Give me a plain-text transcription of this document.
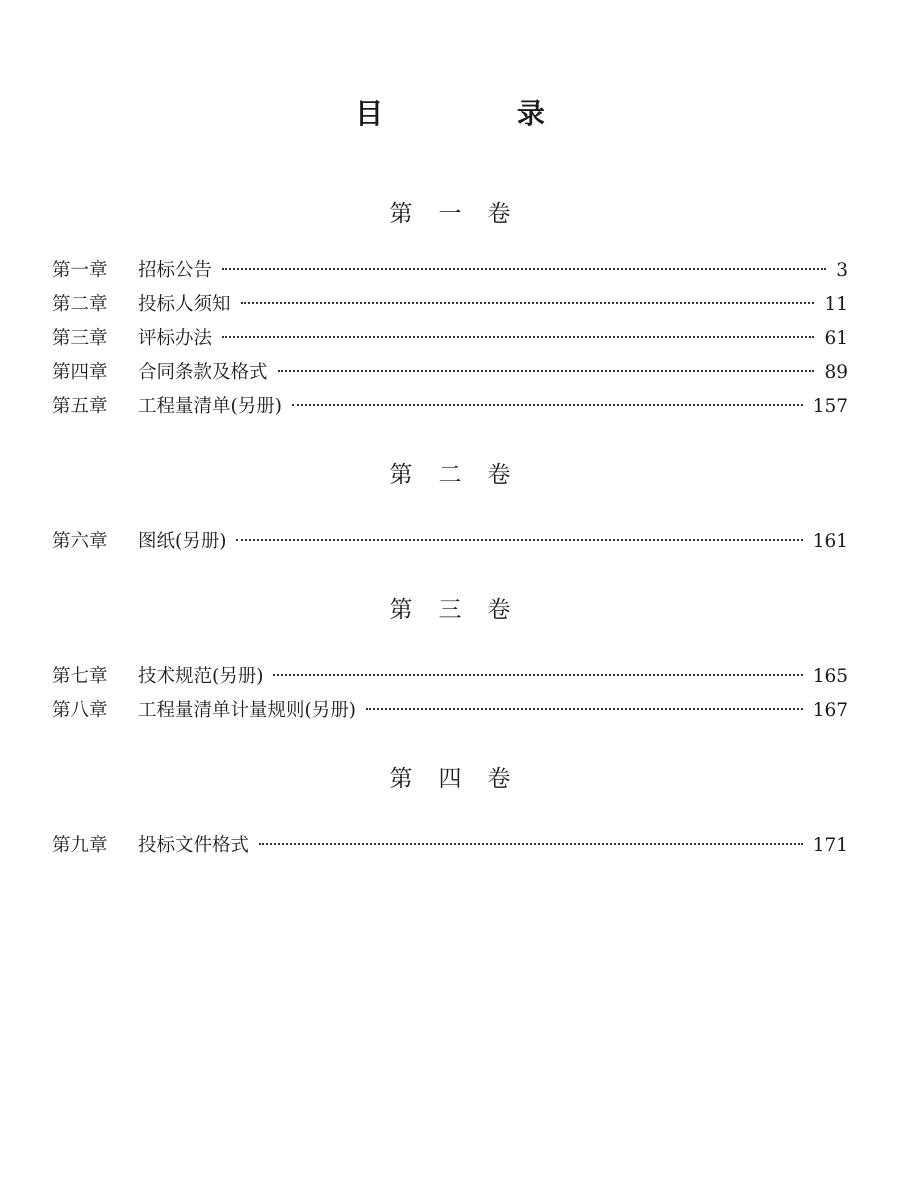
目 录
第一卷
第一章	招标公告	3
第二章	投标人须知	11
第三章	评标办法	61
第四章	合同条款及格式	89
第五章	工程量清单(另册)	157
第二卷
第六章	图纸(另册)	161
第三卷
第七章	技术规范(另册)	165
第八章	工程量清单计量规则(另册)	167
第四卷
第九章	投标文件格式	171
